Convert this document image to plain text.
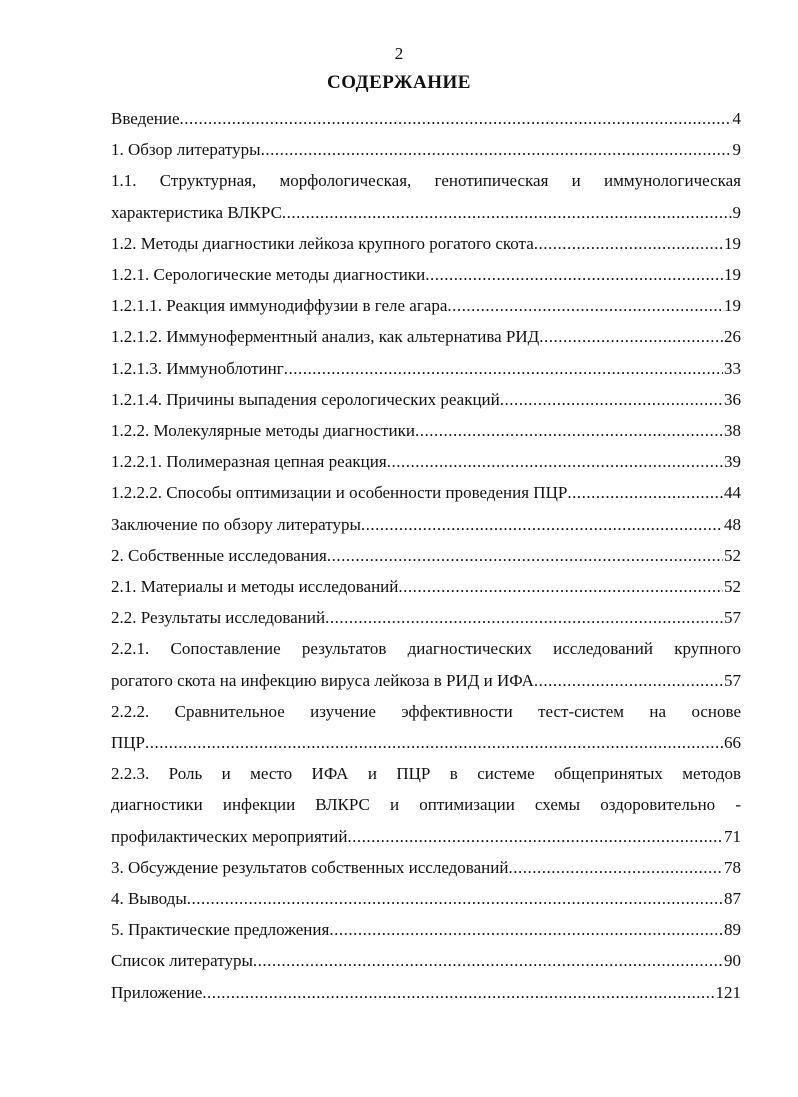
2
СОДЕРЖАНИЕ
Введение .....	4
1. Обзор литературы .....	9
1.1. Структурная, морфологическая, генотипическая и иммунологическая
характеристика ВЛКРС .....	9
1.2. Методы диагностики лейкоза крупного рогатого скота .....	19
1.2.1. Серологические методы диагностики .....	19
1.2.1.1. Реакция иммунодиффузии в геле агара .....	19
1.2.1.2. Иммуноферментный анализ, как альтернатива РИД .....	26
1.2.1.3. Иммуноблотинг .....	33
1.2.1.4. Причины выпадения серологических реакций .....	36
1.2.2. Молекулярные методы диагностики .....	38
1.2.2.1. Полимеразная цепная реакция .....	39
1.2.2.2. Способы оптимизации и особенности проведения ПЦР .....	44
Заключение по обзору литературы .....	48
2. Собственные исследования .....	52
2.1. Материалы и методы исследований .....	52
2.2. Результаты исследований .....	57
2.2.1. Сопоставление результатов диагностических исследований крупного
рогатого скота на инфекцию вируса лейкоза в РИД и ИФА .....	57
2.2.2. Сравнительное изучение эффективности тест-систем на основе
ПЦР .....	66
2.2.3. Роль и место ИФА и ПЦР в системе общепринятых методов
диагностики инфекции ВЛКРС и оптимизации схемы оздоровительно -
профилактических мероприятий .....	71
3. Обсуждение результатов собственных исследований .....	78
4. Выводы .....	87
5. Практические предложения .....	89
Список литературы .....	90
Приложение .....	121
